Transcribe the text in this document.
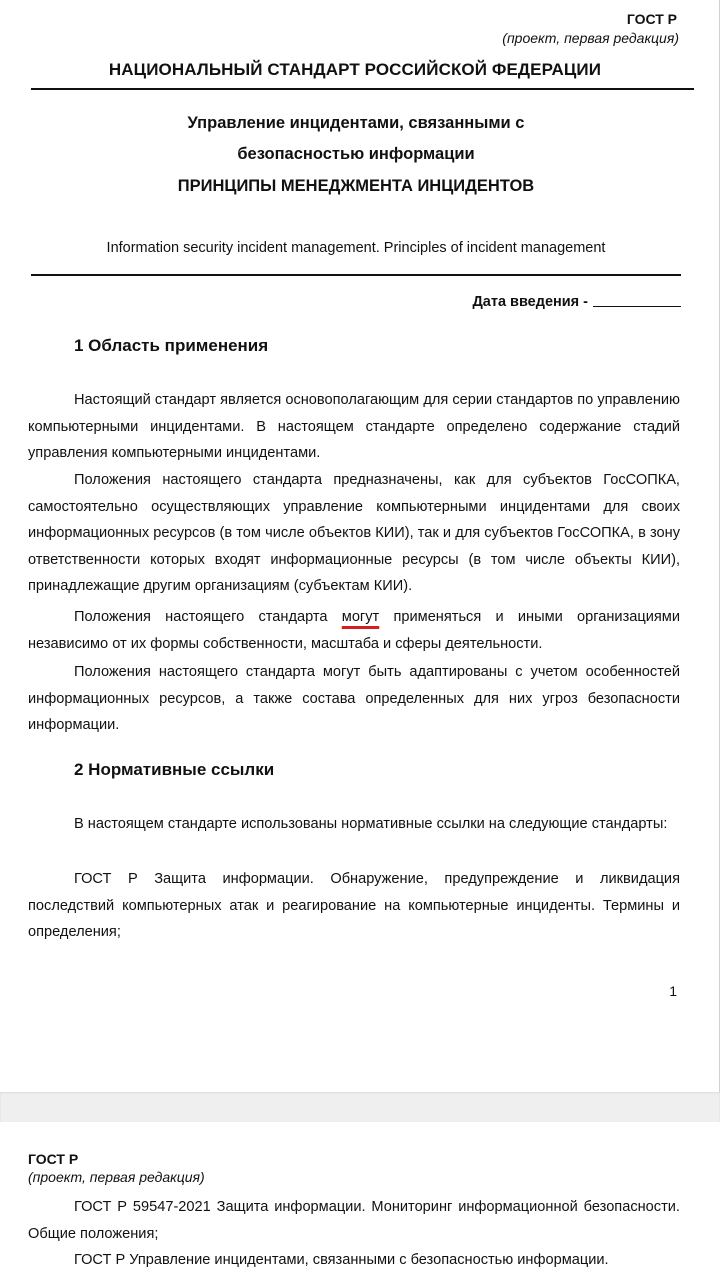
ГОСТ Р
(проект, первая редакция)
НАЦИОНАЛЬНЫЙ СТАНДАРТ РОССИЙСКОЙ ФЕДЕРАЦИИ
Управление инцидентами, связанными с
безопасностью информации
ПРИНЦИПЫ МЕНЕДЖМЕНТА ИНЦИДЕНТОВ
Information security incident management. Principles of incident management
Дата введения -
1 Область применения

Настоящий стандарт является основополагающим для серии стандартов по управлению компьютерными инцидентами. В настоящем стандарте определено содержание стадий управления компьютерными инцидентами.

Положения настоящего стандарта предназначены, как для субъектов ГосСОПКА, самостоятельно осуществляющих управление компьютерными инцидентами для своих информационных ресурсов (в том числе объектов КИИ), так и для субъектов ГосСОПКА, в зону ответственности которых входят информационные ресурсы (в том числе объекты КИИ), принадлежащие другим организациям (субъектам КИИ).

Положения настоящего стандарта могут применяться и иными организациями независимо от их формы собственности, масштаба и сферы деятельности.

Положения настоящего стандарта могут быть адаптированы с учетом особенностей информационных ресурсов, а также состава определенных для них угроз безопасности информации.

2 Нормативные ссылки

В настоящем стандарте использованы нормативные ссылки на следующие стандарты:

ГОСТ Р Защита информации. Обнаружение, предупреждение и ликвидация последствий компьютерных атак и реагирование на компьютерные инциденты. Термины и определения;

1
ГОСТ Р
(проект, первая редакция)

ГОСТ Р 59547-2021 Защита информации. Мониторинг информационной безопасности. Общие положения;

ГОСТ Р Управление инцидентами, связанными с безопасностью информации.
